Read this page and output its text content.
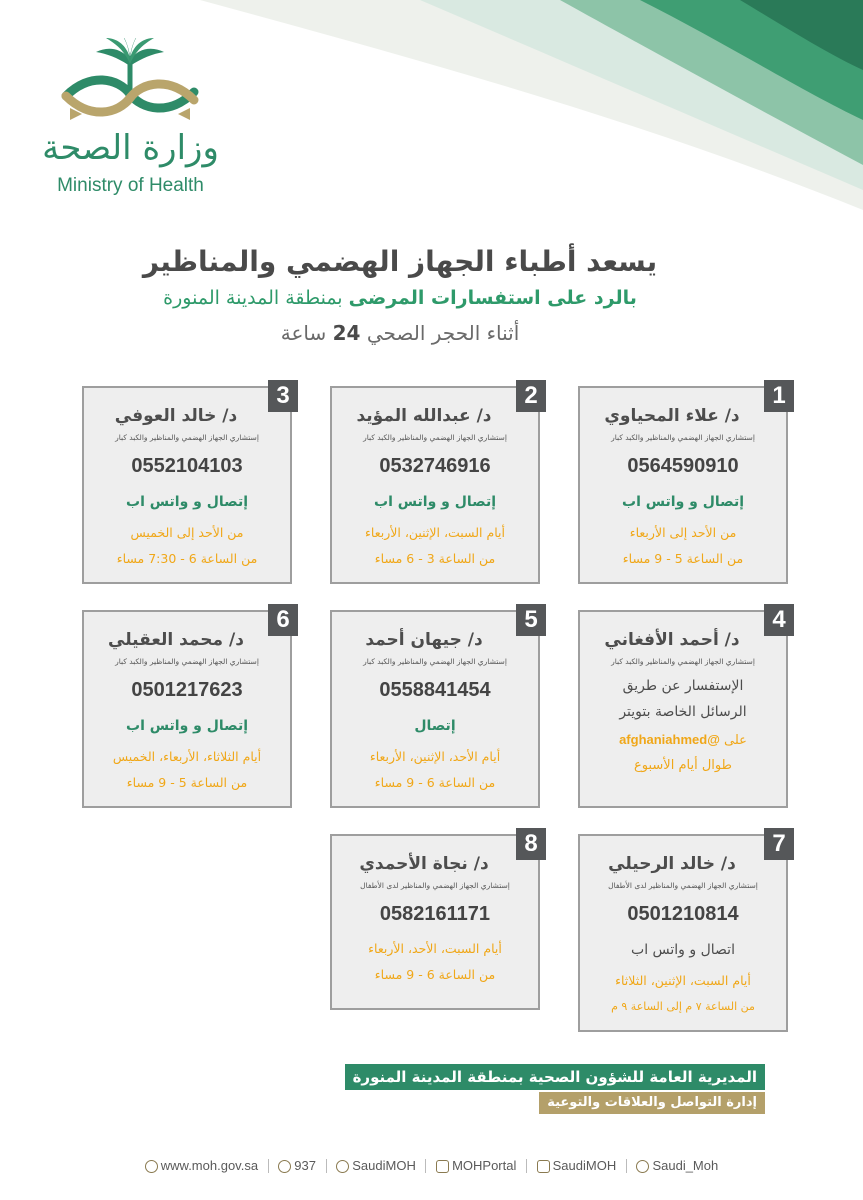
وزارة الصحة
Ministry of Health
يسعد أطباء الجهاز الهضمي والمناظير
بالرد على استفسارات المرضى بمنطقة المدينة المنورة
أثناء الحجر الصحي 24 ساعة
1
د/ علاء المحياوي
إستشاري الجهاز الهضمي والمناظير والكبد كبار
0564590910
إتصال و واتس اب
من الأحد إلى الأربعاء
من الساعة 5 - 9 مساء
2
د/ عبدالله المؤيد
إستشاري الجهاز الهضمي والمناظير والكبد كبار
0532746916
إتصال و واتس اب
أيام السبت، الإثنين، الأربعاء
من الساعة 3 - 6 مساء
3
د/ خالد العوفي
إستشاري الجهاز الهضمي والمناظير والكبد كبار
0552104103
إتصال و واتس اب
من الأحد إلى الخميس
من الساعة 6 - 7:30 مساء
4
د/ أحمد الأفغاني
إستشاري الجهاز الهضمي والمناظير والكبد كبار
الإستفسار عن طريق
الرسائل الخاصة بتويتر
على @afghaniahmed
طوال أيام الأسبوع
5
د/ جيهان أحمد
إستشاري الجهاز الهضمي والمناظير والكبد كبار
0558841454
إتصال
أيام الأحد، الإثنين، الأربعاء
من الساعة 6 - 9 مساء
6
د/ محمد العقيلي
إستشاري الجهاز الهضمي والمناظير والكبد كبار
0501217623
إتصال و واتس اب
أيام الثلاثاء، الأربعاء، الخميس
من الساعة 5 - 9 مساء
7
د/ خالد الرحيلي
إستشاري الجهاز الهضمي والمناظير لدى الأطفال
0501210814
اتصال و واتس اب
أيام السبت، الإثنين، الثلاثاء
من الساعة ٧ م إلى الساعة ٩ م
8
د/ نجاة الأحمدي
إستشاري الجهاز الهضمي والمناظير لدى الأطفال
0582161171
أيام السبت، الأحد، الأربعاء
من الساعة 6 - 9 مساء
المديرية العامة للشؤون الصحية بمنطقة المدينة المنورة
إدارة التواصل والعلاقات والتوعية
www.moh.gov.sa	937	SaudiMOH	MOHPortal	SaudiMOH	Saudi_Moh
